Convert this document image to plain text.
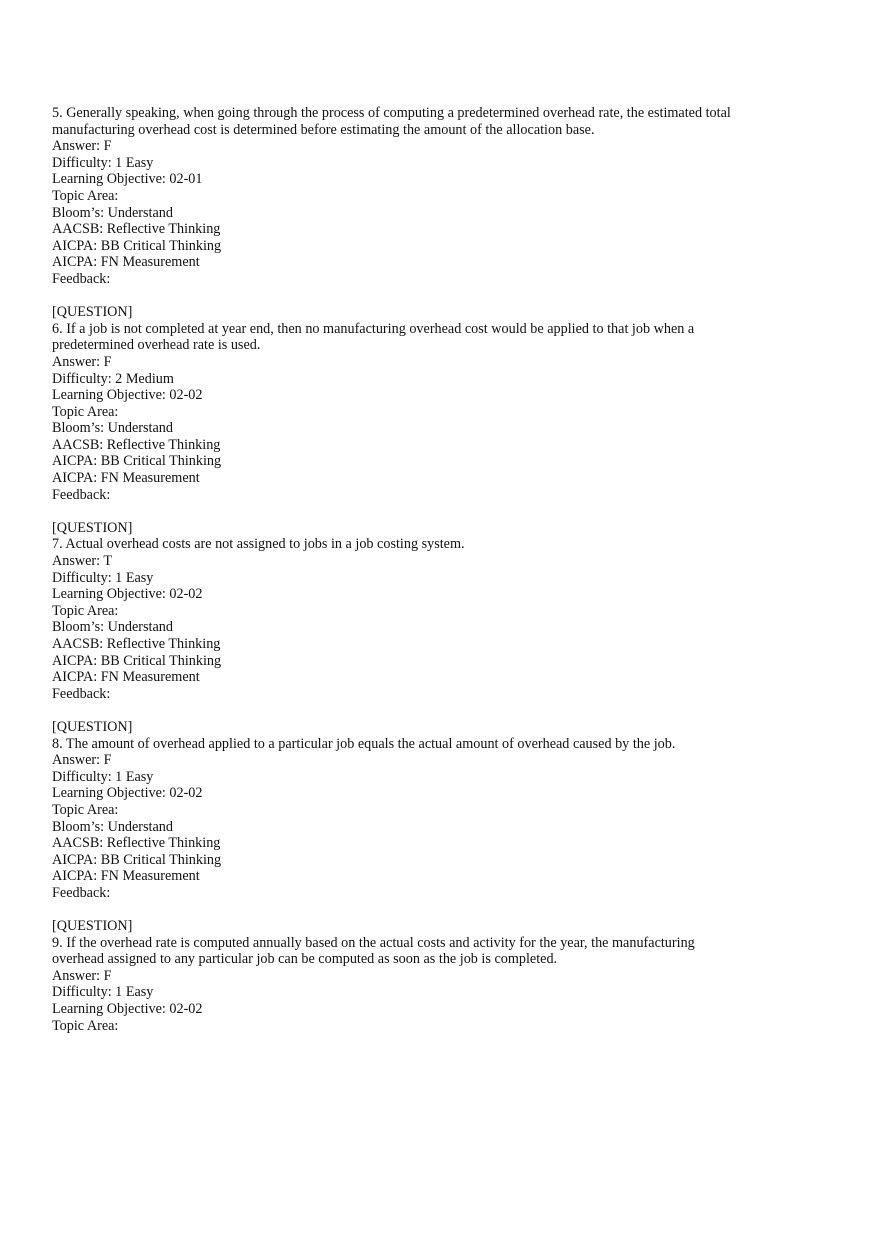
5. Generally speaking, when going through the process of computing a predetermined overhead rate, the estimated total
manufacturing overhead cost is determined before estimating the amount of the allocation base.
Answer: F
Difficulty: 1 Easy
Learning Objective: 02-01
Topic Area:
Bloom’s: Understand
AACSB: Reflective Thinking
AICPA: BB Critical Thinking
AICPA: FN Measurement
Feedback:
[QUESTION]
6. If a job is not completed at year end, then no manufacturing overhead cost would be applied to that job when a
predetermined overhead rate is used.
Answer: F
Difficulty: 2 Medium
Learning Objective: 02-02
Topic Area:
Bloom’s: Understand
AACSB: Reflective Thinking
AICPA: BB Critical Thinking
AICPA: FN Measurement
Feedback:
[QUESTION]
7. Actual overhead costs are not assigned to jobs in a job costing system.
Answer: T
Difficulty: 1 Easy
Learning Objective: 02-02
Topic Area:
Bloom’s: Understand
AACSB: Reflective Thinking
AICPA: BB Critical Thinking
AICPA: FN Measurement
Feedback:
[QUESTION]
8. The amount of overhead applied to a particular job equals the actual amount of overhead caused by the job.
Answer: F
Difficulty: 1 Easy
Learning Objective: 02-02
Topic Area:
Bloom’s: Understand
AACSB: Reflective Thinking
AICPA: BB Critical Thinking
AICPA: FN Measurement
Feedback:
[QUESTION]
9. If the overhead rate is computed annually based on the actual costs and activity for the year, the manufacturing
overhead assigned to any particular job can be computed as soon as the job is completed.
Answer: F
Difficulty: 1 Easy
Learning Objective: 02-02
Topic Area:
